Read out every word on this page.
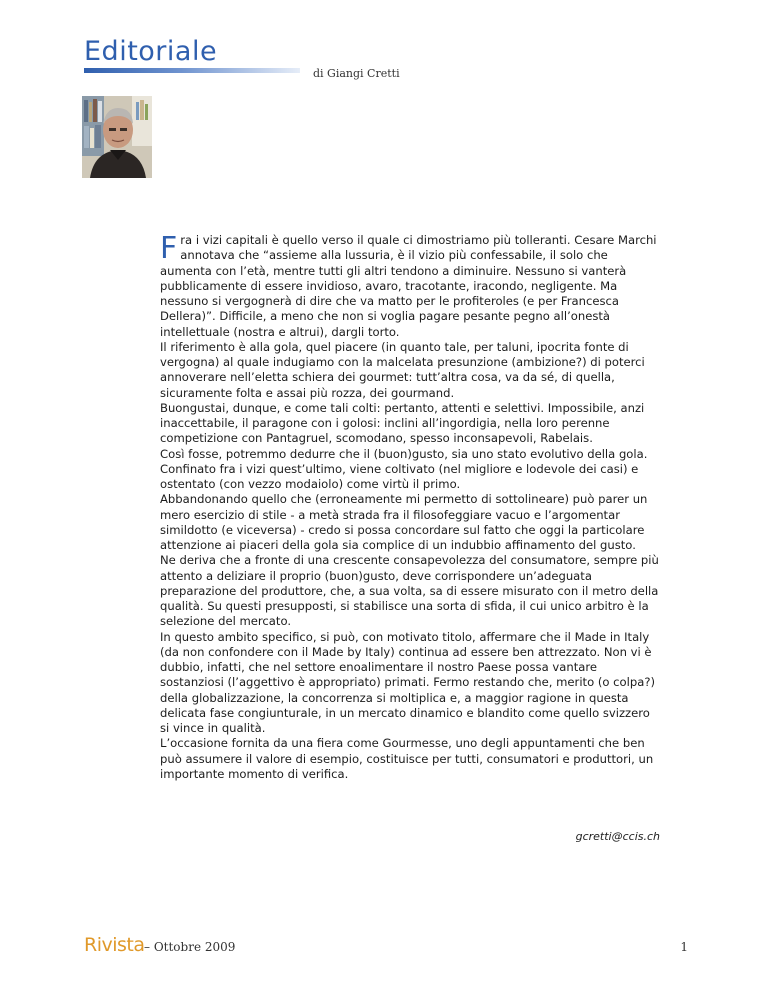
Editoriale
di Giangi Cretti

Fra i vizi capitali è quello verso il quale ci dimostriamo più tolleranti. Cesare Marchi annotava che “assieme alla lussuria, è il vizio più confessabile, il solo che aumenta con l’età, mentre tutti gli altri tendono a diminuire. Nessuno si vanterà pubblicamente di essere invidioso, avaro, tracotante, iracondo, negligente. Ma nessuno si vergognerà di dire che va matto per le profiteroles (e per Francesca Dellera)”. Difficile, a meno che non si voglia pagare pesante pegno all’onestà intellettuale (nostra e altrui), dargli torto.

Il riferimento è alla gola, quel piacere (in quanto tale, per taluni, ipocrita fonte di vergogna) al quale indugiamo con la malcelata presunzione (ambizione?) di poterci annoverare nell’eletta schiera dei gourmet: tutt’altra cosa, va da sé, di quella, sicuramente folta e assai più rozza, dei gourmand.

Buongustai, dunque, e come tali colti: pertanto, attenti e selettivi. Impossibile, anzi inaccettabile, il paragone con i golosi: inclini all’ingordigia, nella loro perenne competizione con Pantagruel, scomodano, spesso inconsapevoli, Rabelais.

Così fosse, potremmo dedurre che il (buon)gusto, sia uno stato evolutivo della gola. Confinato fra i vizi quest’ultimo, viene coltivato (nel migliore e lodevole dei casi) e ostentato (con vezzo modaiolo) come virtù il primo.

Abbandonando quello che (erroneamente mi permetto di sottolineare) può parer un mero esercizio di stile - a metà strada fra il filosofeggiare vacuo e l’argomentar simildotto (e viceversa) - credo si possa concordare sul fatto che oggi la particolare attenzione ai piaceri della gola sia complice di un indubbio affinamento del gusto.

Ne deriva che a fronte di una crescente consapevolezza del consumatore, sempre più attento a deliziare il proprio (buon)gusto, deve corrispondere un’adeguata preparazione del produttore, che, a sua volta, sa di essere misurato con il metro della qualità. Su questi presupposti, si stabilisce una sorta di sfida, il cui unico arbitro è la selezione del mercato.

In questo ambito specifico, si può, con motivato titolo, affermare che il Made in Italy (da non confondere con il Made by Italy) continua ad essere ben attrezzato. Non vi è dubbio, infatti, che nel settore enoalimentare il nostro Paese possa vantare sostanziosi (l’aggettivo è appropriato) primati. Fermo restando che, merito (o colpa?) della globalizzazione, la concorrenza si moltiplica e, a maggior ragione in questa delicata fase congiunturale, in un mercato dinamico e blandito come quello svizzero si vince in qualità.

L’occasione fornita da una fiera come Gourmesse, uno degli appuntamenti che ben può assumere il valore di esempio, costituisce per tutti, consumatori e produttori, un importante momento di verifica.

gcretti@ccis.ch
Rivista – Ottobre 2009	1
